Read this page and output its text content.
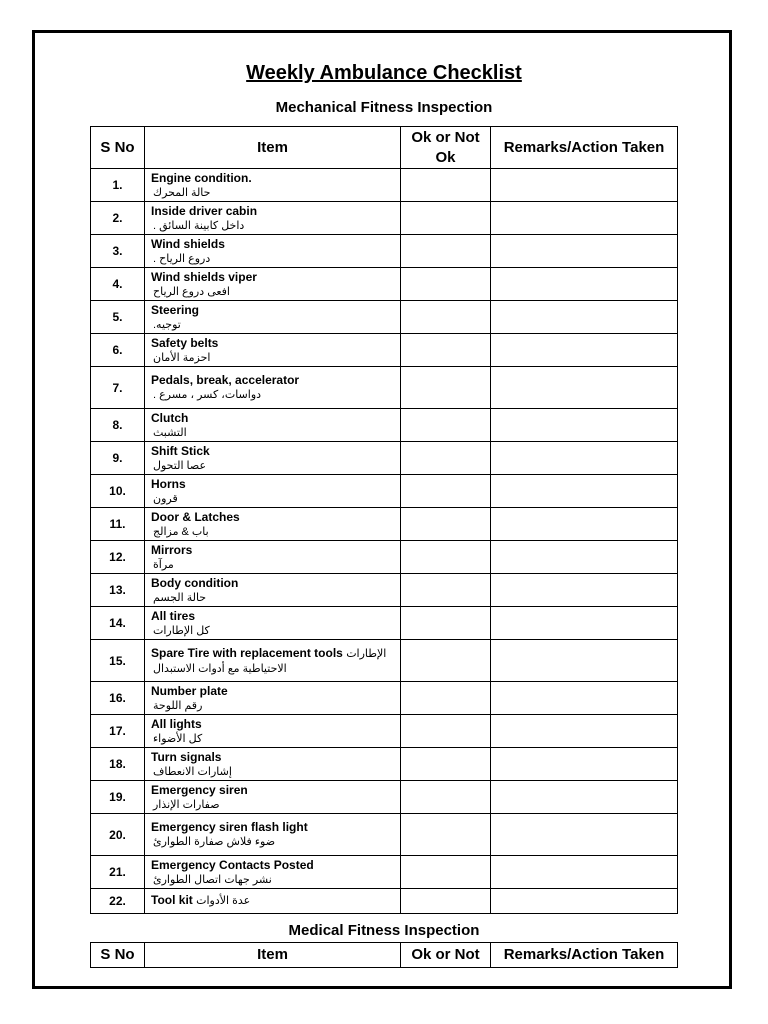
Weekly Ambulance Checklist
Mechanical Fitness Inspection
S No	Item	Ok or Not Ok	Remarks/Action Taken
1.	Engine condition.
حالة المحرك		

2.	Inside driver cabin
داخل كابينة السائق .		

3.	Wind shields
دروع الرياح .		

4.	Wind shields viper
افعى دروع الرياح		

5.	Steering
توجيه.		

6.	Safety belts
احزمة الأمان		

7.	Pedals, break, accelerator
دواسات، كسر ، مسرع .		

8.	Clutch
التشبث		

9.	Shift Stick
عصا التحول		

10.	Horns
قرون		

11.	Door & Latches
باب & مزالج		

12.	Mirrors
مرآة		

13.	Body condition
حالة الجسم		

14.	All tires
كل الإطارات		

15.	Spare Tire with replacement tools الإطارات
الاحتياطية مع أدوات الاستبدال		

16.	Number plate
رقم اللوحة		

17.	All lights
كل الأضواء		

18.	Turn signals
إشارات الانعطاف		

19.	Emergency siren
صفارات الإنذار		

20.	Emergency siren flash light
ضوء فلاش صفارة الطوارئ		

21.	Emergency Contacts Posted
نشر جهات اتصال الطوارئ		

22.	Tool kit عدة الأدوات		

Medical Fitness Inspection
S No	Item	Ok or Not	Remarks/Action Taken
